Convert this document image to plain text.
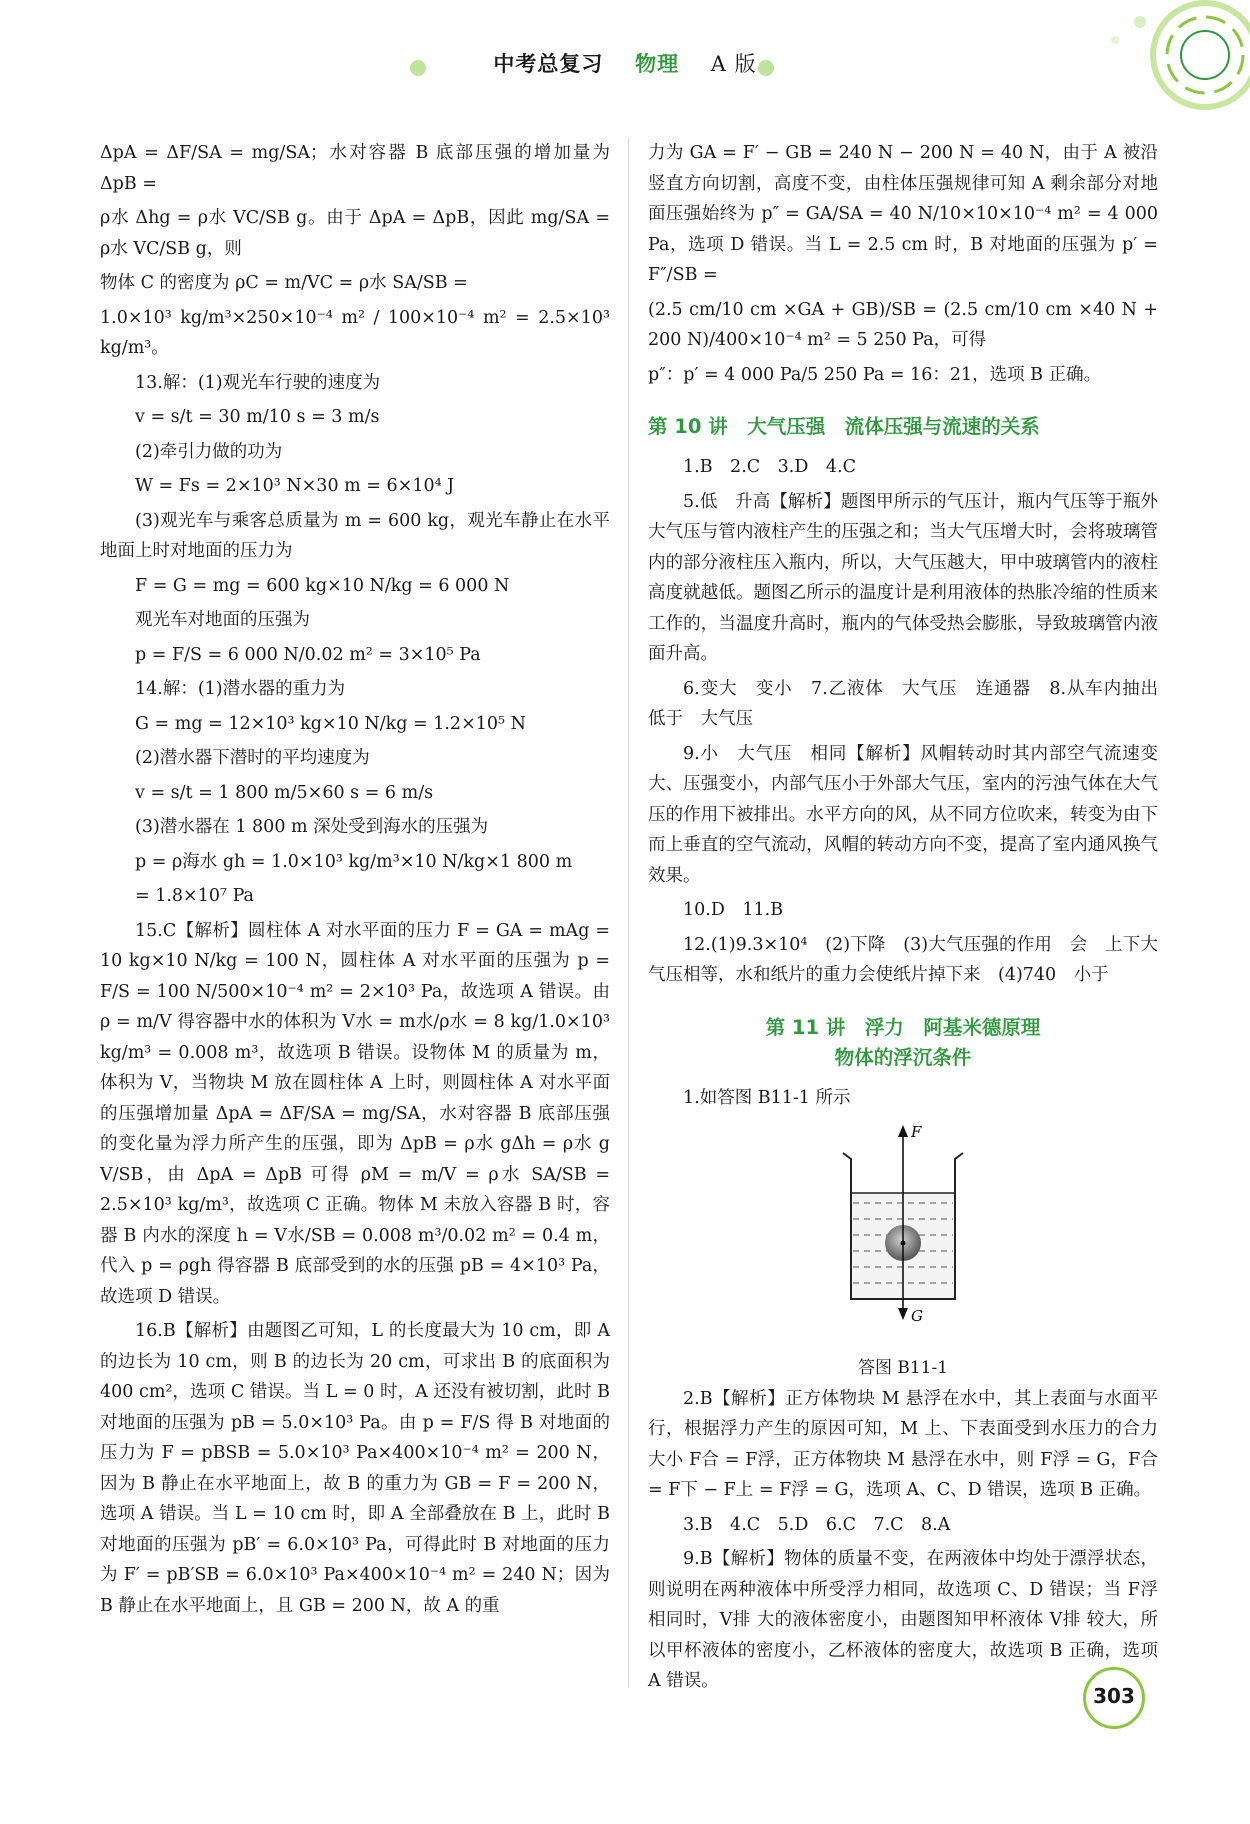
中考总复习 物理 A 版

ΔpA = ΔF/SA = mg/SA；水对容器 B 底部压强的增加量为 ΔpB =

ρ水 Δhg = ρ水 VC/SB g。由于 ΔpA = ΔpB，因此 mg/SA = ρ水 VC/SB g，则

物体 C 的密度为 ρC = m/VC = ρ水 SA/SB =

1.0×10³ kg/m³×250×10⁻⁴ m² / 100×10⁻⁴ m² = 2.5×10³ kg/m³。

13.解：(1)观光车行驶的速度为

v = s/t = 30 m/10 s = 3 m/s

(2)牵引力做的功为

W = Fs = 2×10³ N×30 m = 6×10⁴ J

(3)观光车与乘客总质量为 m = 600 kg，观光车静止在水平地面上时对地面的压力为

F = G = mg = 600 kg×10 N/kg = 6 000 N

观光车对地面的压强为

p = F/S = 6 000 N/0.02 m² = 3×10⁵ Pa

14.解：(1)潜水器的重力为

G = mg = 12×10³ kg×10 N/kg = 1.2×10⁵ N

(2)潜水器下潜时的平均速度为

v = s/t = 1 800 m/5×60 s = 6 m/s

(3)潜水器在 1 800 m 深处受到海水的压强为

p = ρ海水 gh = 1.0×10³ kg/m³×10 N/kg×1 800 m

= 1.8×10⁷ Pa

15.C【解析】圆柱体 A 对水平面的压力 F = GA = mAg = 10 kg×10 N/kg = 100 N，圆柱体 A 对水平面的压强为 p = F/S = 100 N/500×10⁻⁴ m² = 2×10³ Pa，故选项 A 错误。由 ρ = m/V 得容器中水的体积为 V水 = m水/ρ水 = 8 kg/1.0×10³ kg/m³ = 0.008 m³，故选项 B 错误。设物体 M 的质量为 m，体积为 V，当物块 M 放在圆柱体 A 上时，则圆柱体 A 对水平面的压强增加量 ΔpA = ΔF/SA = mg/SA，水对容器 B 底部压强的变化量为浮力所产生的压强，即为 ΔpB = ρ水 gΔh = ρ水 g V/SB，由 ΔpA = ΔpB 可得 ρM = m/V = ρ水 SA/SB = 2.5×10³ kg/m³，故选项 C 正确。物体 M 未放入容器 B 时，容器 B 内水的深度 h = V水/SB = 0.008 m³/0.02 m² = 0.4 m，代入 p = ρgh 得容器 B 底部受到的水的压强 pB = 4×10³ Pa，故选项 D 错误。

16.B【解析】由题图乙可知，L 的长度最大为 10 cm，即 A 的边长为 10 cm，则 B 的边长为 20 cm，可求出 B 的底面积为 400 cm²，选项 C 错误。当 L = 0 时，A 还没有被切割，此时 B 对地面的压强为 pB = 5.0×10³ Pa。由 p = F/S 得 B 对地面的压力为 F = pBSB = 5.0×10³ Pa×400×10⁻⁴ m² = 200 N，因为 B 静止在水平地面上，故 B 的重力为 GB = F = 200 N，选项 A 错误。当 L = 10 cm 时，即 A 全部叠放在 B 上，此时 B 对地面的压强为 pB′ = 6.0×10³ Pa，可得此时 B 对地面的压力为 F′ = pB′SB = 6.0×10³ Pa×400×10⁻⁴ m² = 240 N；因为 B 静止在水平地面上，且 GB = 200 N，故 A 的重

力为 GA = F′ − GB = 240 N − 200 N = 40 N，由于 A 被沿竖直方向切割，高度不变，由柱体压强规律可知 A 剩余部分对地面压强始终为 p″ = GA/SA = 40 N/10×10×10⁻⁴ m² = 4 000 Pa，选项 D 错误。当 L = 2.5 cm 时，B 对地面的压强为 p′ = F″/SB =

(2.5 cm/10 cm ×GA + GB)/SB = (2.5 cm/10 cm ×40 N + 200 N)/400×10⁻⁴ m² = 5 250 Pa，可得

p″：p′ = 4 000 Pa/5 250 Pa = 16：21，选项 B 正确。

第 10 讲　大气压强　流体压强与流速的关系

1.B　2.C　3.D　4.C

5.低　升高【解析】题图甲所示的气压计，瓶内气压等于瓶外大气压与管内液柱产生的压强之和；当大气压增大时，会将玻璃管内的部分液柱压入瓶内，所以，大气压越大，甲中玻璃管内的液柱高度就越低。题图乙所示的温度计是利用液体的热胀冷缩的性质来工作的，当温度升高时，瓶内的气体受热会膨胀，导致玻璃管内液面升高。

6.变大　变小　7.乙液体　大气压　连通器　8.从车内抽出　低于　大气压

9.小　大气压　相同【解析】风帽转动时其内部空气流速变大、压强变小，内部气压小于外部大气压，室内的污浊气体在大气压的作用下被排出。水平方向的风，从不同方位吹来，转变为由下而上垂直的空气流动，风帽的转动方向不变，提高了室内通风换气效果。

10.D　11.B

12.(1)9.3×10⁴　(2)下降　(3)大气压强的作用　会　上下大气压相等，水和纸片的重力会使纸片掉下来　(4)740　小于

第 11 讲　浮力　阿基米德原理
物体的浮沉条件

1.如答图 B11-1 所示

F
G
答图 B11-1

2.B【解析】正方体物块 M 悬浮在水中，其上表面与水面平行，根据浮力产生的原因可知，M 上、下表面受到水压力的合力大小 F合 = F浮，正方体物块 M 悬浮在水中，则 F浮 = G，F合 = F下 − F上 = F浮 = G，选项 A、C、D 错误，选项 B 正确。

3.B　4.C　5.D　6.C　7.C　8.A

9.B【解析】物体的质量不变，在两液体中均处于漂浮状态，则说明在两种液体中所受浮力相同，故选项 C、D 错误；当 F浮 相同时，V排 大的液体密度小，由题图知甲杯液体 V排 较大，所以甲杯液体的密度小，乙杯液体的密度大，故选项 B 正确，选项 A 错误。

303
